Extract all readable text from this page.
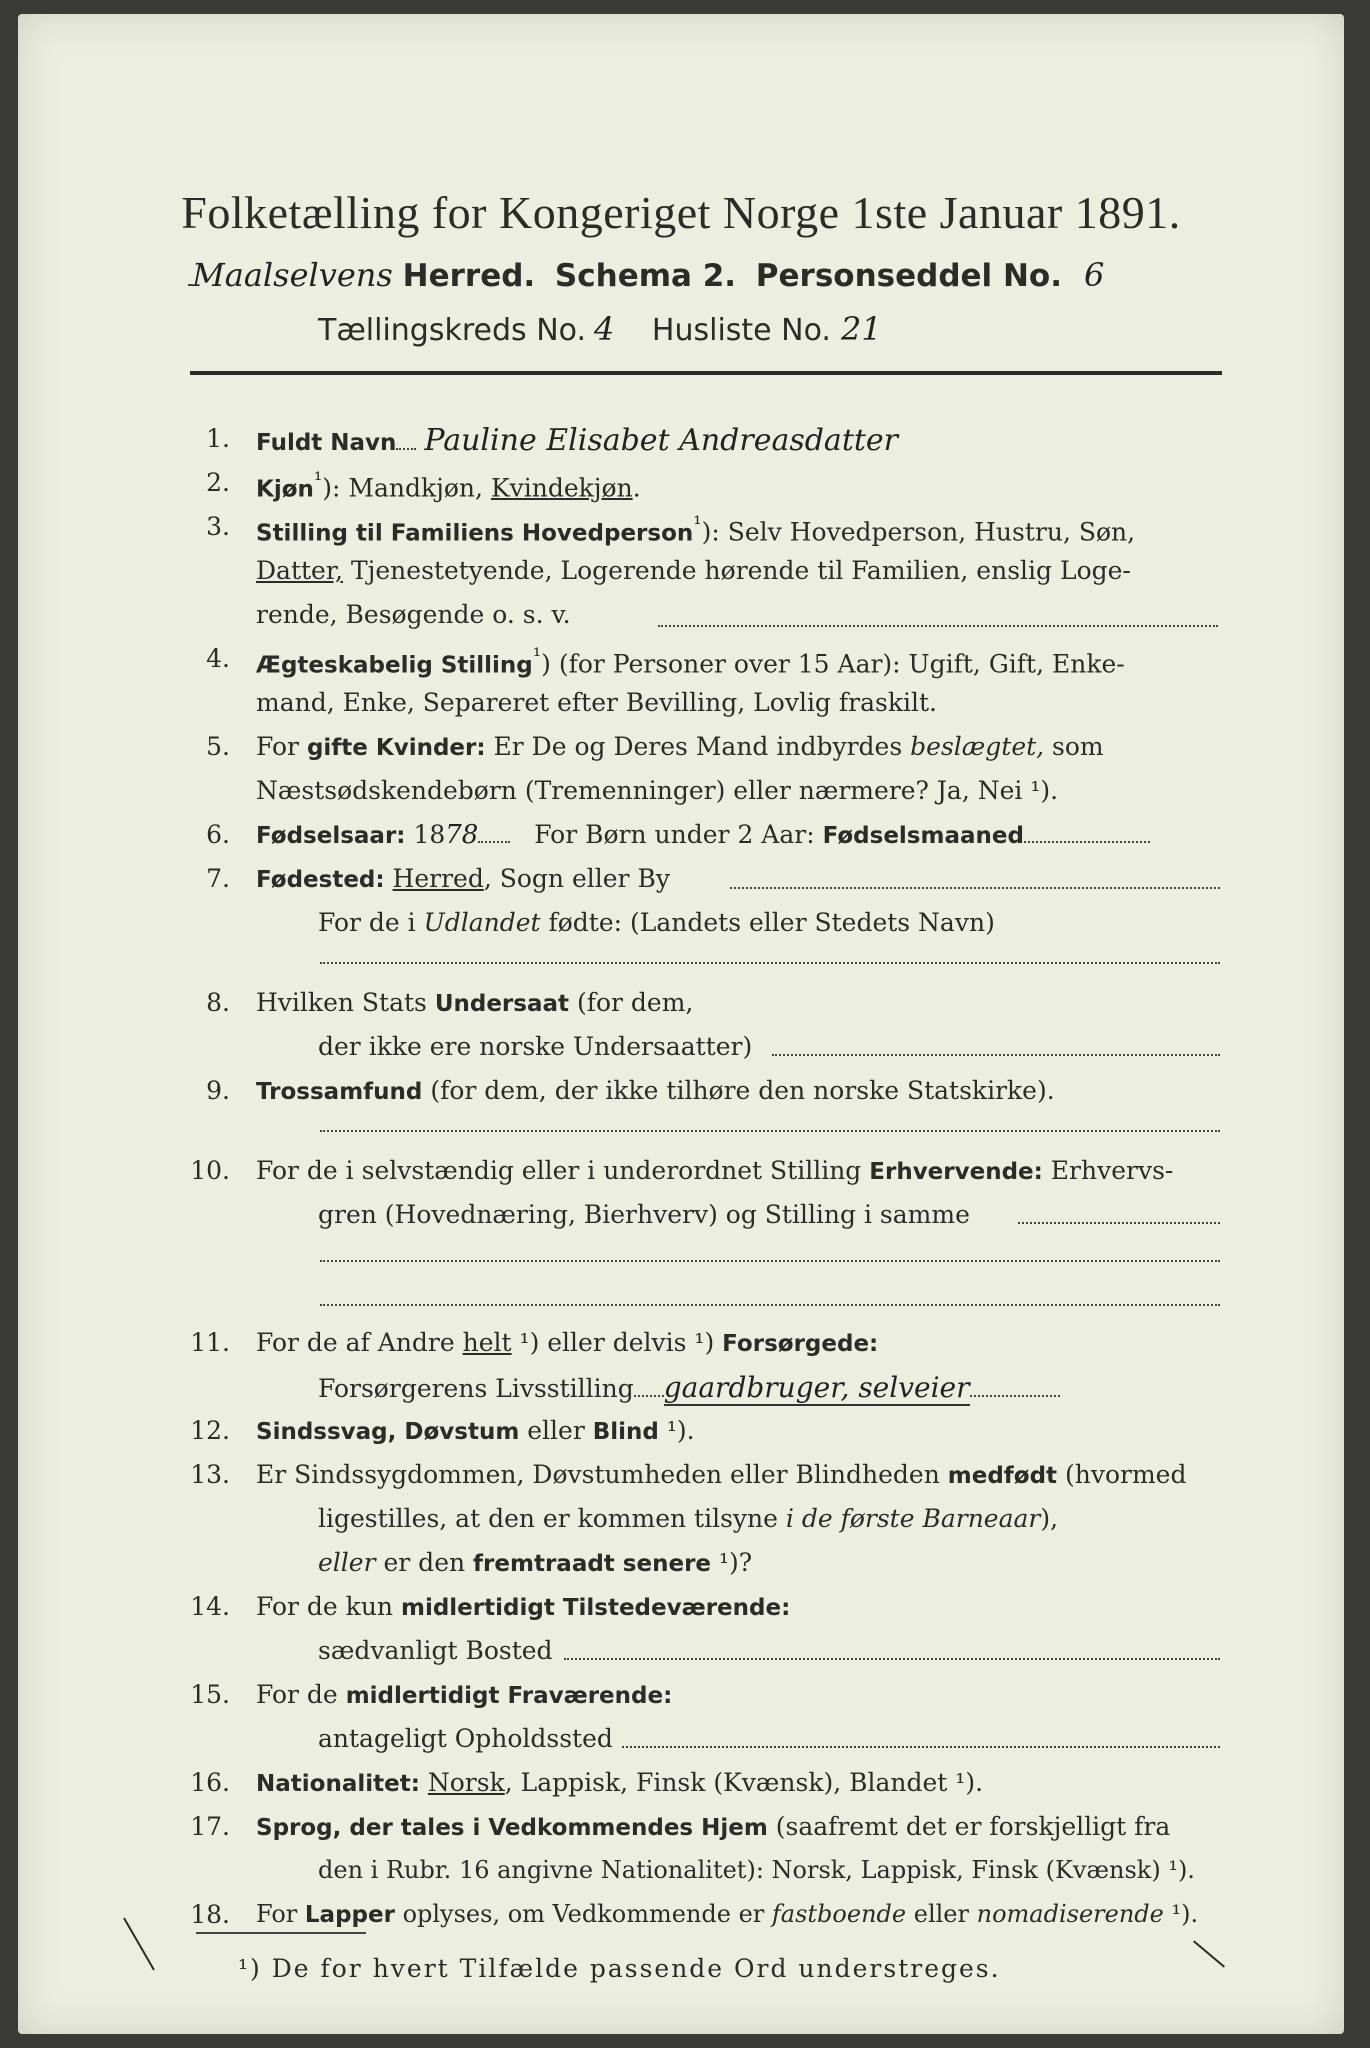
Folketælling for Kongeriget Norge 1ste Januar 1891.
Maalselvens Herred. Schema 2. Personseddel No. 6
Tællingskreds No. 4 Husliste No. 21
1.	Fuldt Navn Pauline Elisabet Andreasdatter
2.	Kjøn$^{^1}$): Mandkjøn, Kvindekjøn.
3.	Stilling til Familiens Hovedperson$^{^1}$): Selv Hovedperson, Hustru, Søn,
Datter, Tjenestetyende, Logerende hørende til Familien, enslig Loge-
rende, Besøgende o. s. v.
4.	Ægteskabelig Stilling$^{^1}$) (for Personer over 15 Aar): Ugift, Gift, Enke-
mand, Enke, Separeret efter Bevilling, Lovlig fraskilt.
5.	For gifte Kvinder: Er De og Deres Mand indbyrdes beslægtet, som
Næstsødskendebørn (Tremenninger) eller nærmere? Ja, Nei ¹).
6.	Fødselsaar: 1878 For Børn under 2 Aar: Fødselsmaaned
7.	Fødested: Herred, Sogn eller By
For de i Udlandet fødte: (Landets eller Stedets Navn)
8.	Hvilken Stats Undersaat (for dem,
der ikke ere norske Undersaatter)
9.	Trossamfund (for dem, der ikke tilhøre den norske Statskirke).
10.	For de i selvstændig eller i underordnet Stilling Erhvervende: Erhvervs-
gren (Hovednæring, Bierhverv) og Stilling i samme
11.	For de af Andre helt ¹) eller delvis ¹) Forsørgede:
Forsørgerens Livsstilling gaardbruger, selveier
12.	Sindssvag, Døvstum eller Blind ¹).
13.	Er Sindssygdommen, Døvstumheden eller Blindheden medfødt (hvormed
ligestilles, at den er kommen tilsyne i de første Barneaar),
eller er den fremtraadt senere ¹)?
14.	For de kun midlertidigt Tilstedeværende:
sædvanligt Bosted
15.	For de midlertidigt Fraværende:
antageligt Opholdssted
16.	Nationalitet: Norsk, Lappisk, Finsk (Kvænsk), Blandet ¹).
17.	Sprog, der tales i Vedkommendes Hjem (saafremt det er forskjelligt fra
den i Rubr. 16 angivne Nationalitet): Norsk, Lappisk, Finsk (Kvænsk) ¹).
18.	For Lapper oplyses, om Vedkommende er fastboende eller nomadiserende ¹).
¹) De for hvert Tilfælde passende Ord understreges.
